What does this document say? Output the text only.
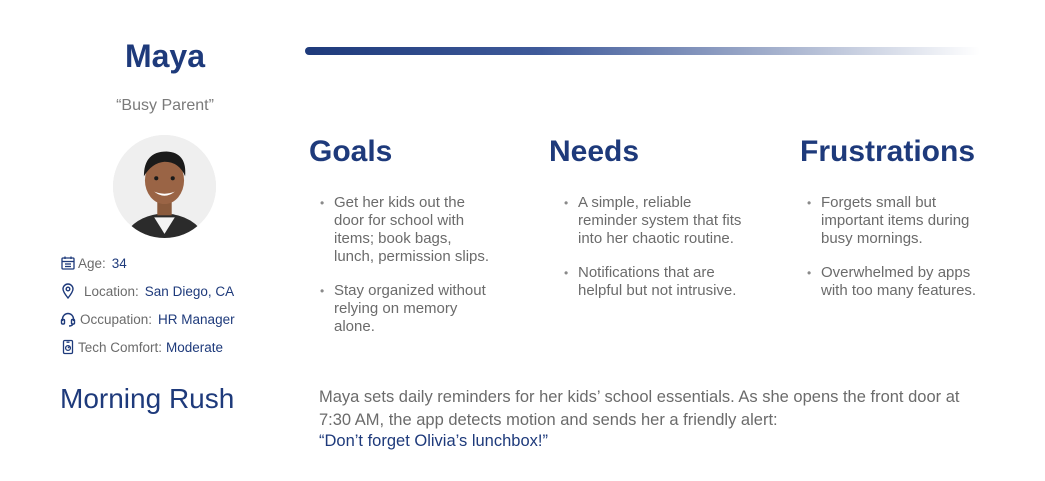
Maya
“Busy Parent”
Age: 34
Location: San Diego, CA
Occupation: HR Manager
Tech Comfort: Moderate
Morning Rush
Goals
• Get her kids out the door for school with items; book bags, lunch, permission slips.
• Stay organized without relying on memory alone.
Needs
• A simple, reliable reminder system that fits into her chaotic routine.
• Notifications that are helpful but not intrusive.
Frustrations
• Forgets small but important items during busy mornings.
• Overwhelmed by apps with too many features.
Maya sets daily reminders for her kids’ school essentials. As she opens the front door at 7:30 AM, the app detects motion and sends her a friendly alert:
“Don’t forget Olivia’s lunchbox!”
